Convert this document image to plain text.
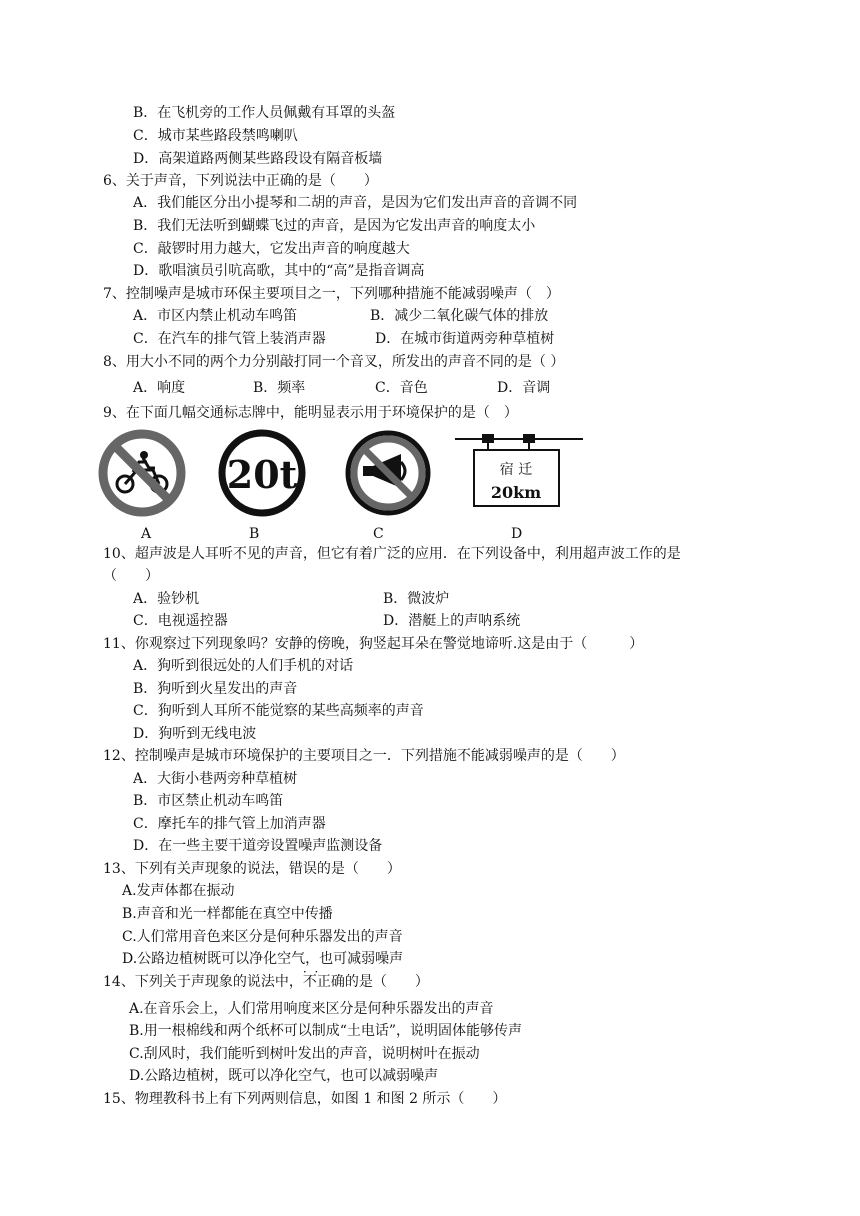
B．在飞机旁的工作人员佩戴有耳罩的头盔
C．城市某些路段禁鸣喇叭
D．高架道路两侧某些路段设有隔音板墙
6、关于声音，下列说法中正确的是（　　）
A．我们能区分出小提琴和二胡的声音，是因为它们发出声音的音调不同
B．我们无法听到蝴蝶飞过的声音，是因为它发出声音的响度太小
C．敲锣时用力越大，它发出声音的响度越大
D．歌唱演员引吭高歌，其中的“高”是指音调高
7、控制噪声是城市环保主要项目之一，下列哪种措施不能减弱噪声（　）
A．市区内禁止机动车鸣笛	B．减少二氧化碳气体的排放
C．在汽车的排气管上装消声器	D．在城市街道两旁种草植树
8、用大小不同的两个力分别敲打同一个音叉，所发出的声音不同的是（ ）
A．响度	B．频率	C．音色	D．音调
9、在下面几幅交通标志牌中，能明显表示用于环境保护的是（　）
A
20t
B	C
宿 迁
20km
D
10、超声波是人耳听不见的声音，但它有着广泛的应用．在下列设备中，利用超声波工作的是
（　　）
A．验钞机	B．微波炉
C．电视遥控器	D．潜艇上的声呐系统
11、你观察过下列现象吗？安静的傍晚，狗竖起耳朵在警觉地谛听.这是由于（　　　）
A．狗听到很远处的人们手机的对话
B．狗听到火星发出的声音
C．狗听到人耳所不能觉察的某些高频率的声音
D．狗听到无线电波
12、控制噪声是城市环境保护的主要项目之一．下列措施不能减弱噪声的是（　　）
A．大街小巷两旁种草植树
B．市区禁止机动车鸣笛
C．摩托车的排气管上加消声器
D．在一些主要干道旁设置噪声监测设备
13、下列有关声现象的说法，错误的是（　　）
A.发声体都在振动
B.声音和光一样都能在真空中传播
C.人们常用音色来区分是何种乐器发出的声音
D.公路边植树既可以净化空气，也可减弱噪声
14、下列关于声现象的说法中，不正确 · ·的是（　　）
A.在音乐会上，人们常用响度来区分是何种乐器发出的声音
B.用一根棉线和两个纸杯可以制成“土电话”，说明固体能够传声
C.刮风时，我们能听到树叶发出的声音，说明树叶在振动
D.公路边植树，既可以净化空气，也可以减弱噪声
15、物理教科书上有下列两则信息，如图 1 和图 2 所示（　　）
